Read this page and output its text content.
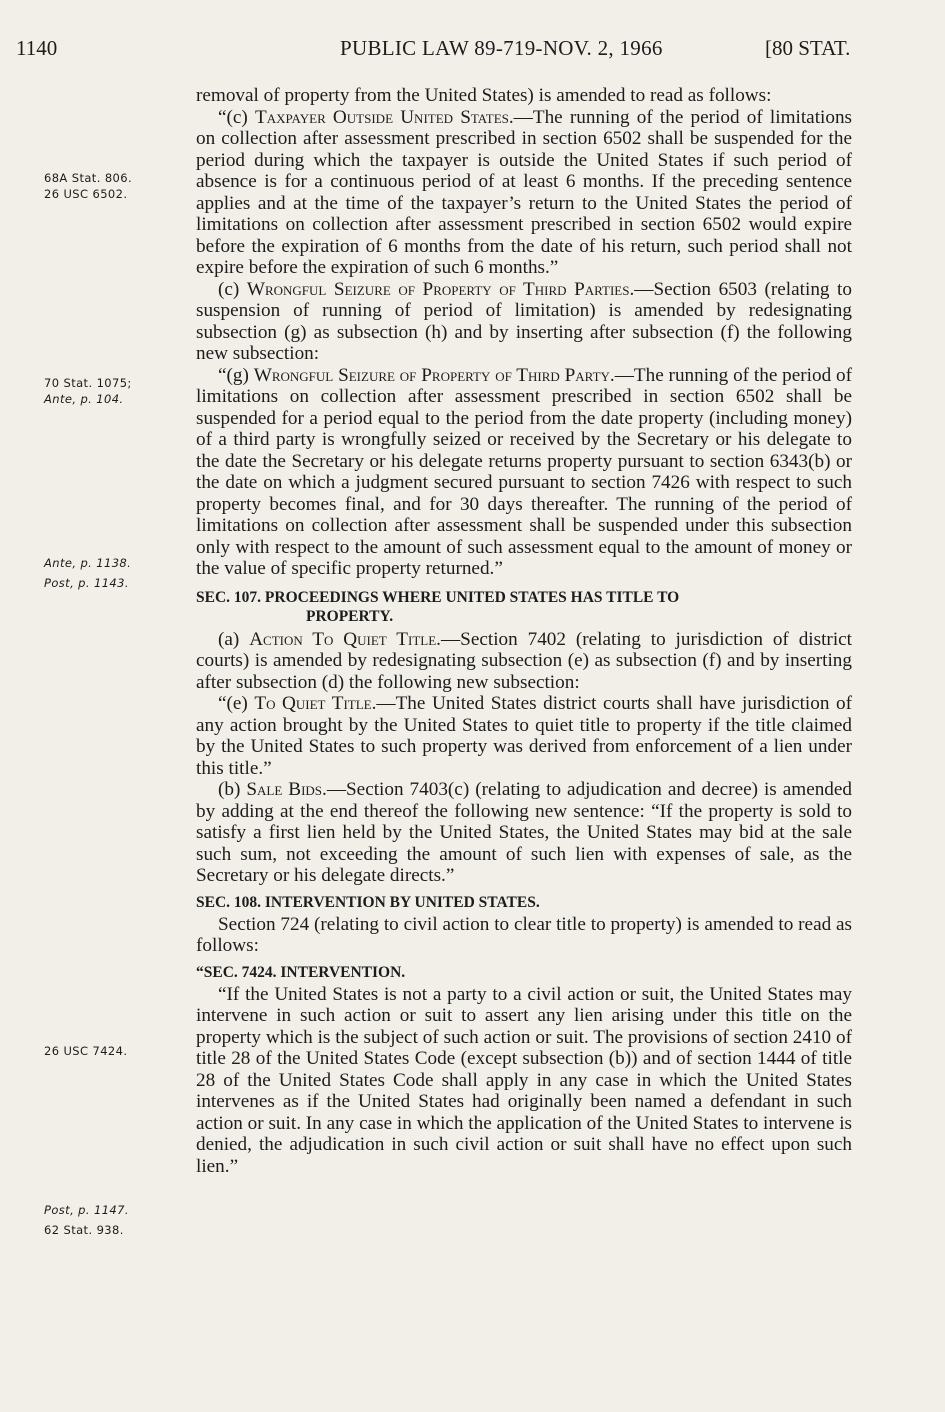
1140	PUBLIC LAW 89-719-NOV. 2, 1966	[80 STAT.
68A Stat. 806.
26 USC 6502.
70 Stat. 1075;
Ante, p. 104.
Ante, p. 1138.
Post, p. 1143.
26 USC 7424.
Post, p. 1147.
62 Stat. 938.

removal of property from the United States) is amended to read as follows:

“(c) Taxpayer Outside United States.—The running of the period of limitations on collection after assessment prescribed in section 6502 shall be suspended for the period during which the taxpayer is outside the United States if such period of absence is for a continuous period of at least 6 months. If the preceding sentence applies and at the time of the taxpayer’s return to the United States the period of limitations on collection after assessment prescribed in section 6502 would expire before the expiration of 6 months from the date of his return, such period shall not expire before the expiration of such 6 months.”

(c) Wrongful Seizure of Property of Third Parties.—Section 6503 (relating to suspension of running of period of limitation) is amended by redesignating subsection (g) as subsection (h) and by inserting after subsection (f) the following new subsection:

“(g) Wrongful Seizure of Property of Third Party.—The running of the period of limitations on collection after assessment prescribed in section 6502 shall be suspended for a period equal to the period from the date property (including money) of a third party is wrongfully seized or received by the Secretary or his delegate to the date the Secretary or his delegate returns property pursuant to section 6343(b) or the date on which a judgment secured pursuant to section 7426 with respect to such property becomes final, and for 30 days thereafter. The running of the period of limitations on collection after assessment shall be suspended under this subsection only with respect to the amount of such assessment equal to the amount of money or the value of specific property returned.”

SEC. 107. PROCEEDINGS WHERE UNITED STATES HAS TITLE TO
PROPERTY.

(a) Action To Quiet Title.—Section 7402 (relating to jurisdiction of district courts) is amended by redesignating subsection (e) as subsection (f) and by inserting after subsection (d) the following new subsection:

“(e) To Quiet Title.—The United States district courts shall have jurisdiction of any action brought by the United States to quiet title to property if the title claimed by the United States to such property was derived from enforcement of a lien under this title.”

(b) Sale Bids.—Section 7403(c) (relating to adjudication and decree) is amended by adding at the end thereof the following new sentence: “If the property is sold to satisfy a first lien held by the United States, the United States may bid at the sale such sum, not exceeding the amount of such lien with expenses of sale, as the Secretary or his delegate directs.”

SEC. 108. INTERVENTION BY UNITED STATES.

Section 724 (relating to civil action to clear title to property) is amended to read as follows:

“SEC. 7424. INTERVENTION.

“If the United States is not a party to a civil action or suit, the United States may intervene in such action or suit to assert any lien arising under this title on the property which is the subject of such action or suit. The provisions of section 2410 of title 28 of the United States Code (except subsection (b)) and of section 1444 of title 28 of the United States Code shall apply in any case in which the United States intervenes as if the United States had originally been named a defendant in such action or suit. In any case in which the application of the United States to intervene is denied, the adjudication in such civil action or suit shall have no effect upon such lien.”
